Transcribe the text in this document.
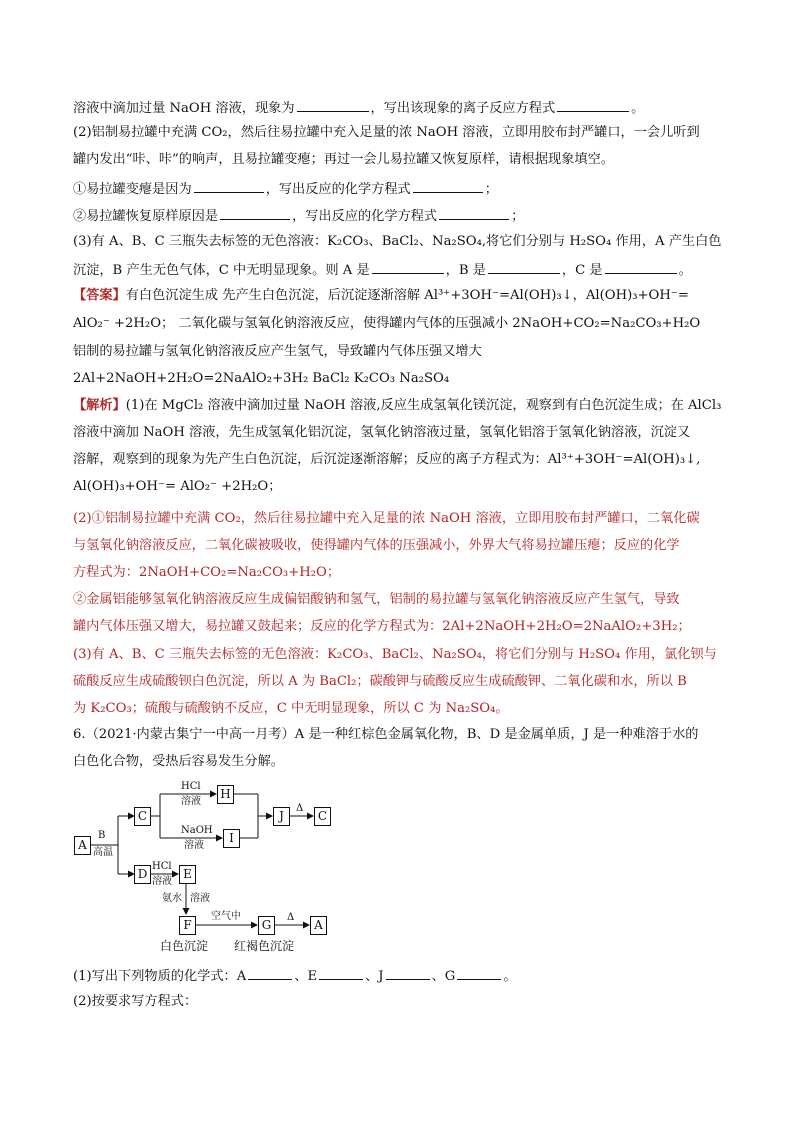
溶液中滴加过量 NaOH 溶液，现象为	，写出该现象的离子反应方程式	。
(2)铝制易拉罐中充满 CO₂，然后往易拉罐中充入足量的浓 NaOH 溶液，立即用胶布封严罐口，一会儿听到
罐内发出“咔、咔”的响声，且易拉罐变瘪；再过一会儿易拉罐又恢复原样，请根据现象填空。
①易拉罐变瘪是因为	，写出反应的化学方程式	；
②易拉罐恢复原样原因是	，写出反应的化学方程式	；
(3)有 A、B、C 三瓶失去标签的无色溶液：K₂CO₃、BaCl₂、Na₂SO₄,将它们分别与 H₂SO₄ 作用，A 产生白色
沉淀，B 产生无色气体，C 中无明显现象。则 A 是	，B 是	，C 是	。
【答案】有白色沉淀生成 先产生白色沉淀，后沉淀逐渐溶解 Al³⁺+3OH⁻=Al(OH)₃↓，Al(OH)₃+OH⁻=
AlO₂⁻ +2H₂O； 二氧化碳与氢氧化钠溶液反应，使得罐内气体的压强减小 2NaOH+CO₂=Na₂CO₃+H₂O
铝制的易拉罐与氢氧化钠溶液反应产生氢气，导致罐内气体压强又增大
2Al+2NaOH+2H₂O=2NaAlO₂+3H₂ BaCl₂ K₂CO₃ Na₂SO₄
【解析】(1)在 MgCl₂ 溶液中滴加过量 NaOH 溶液,反应生成氢氧化镁沉淀，观察到有白色沉淀生成；在 AlCl₃
溶液中滴加 NaOH 溶液，先生成氢氧化铝沉淀，氢氧化钠溶液过量，氢氧化铝溶于氢氧化钠溶液，沉淀又
溶解，观察到的现象为先产生白色沉淀，后沉淀逐渐溶解；反应的离子方程式为：Al³⁺+3OH⁻=Al(OH)₃↓,
Al(OH)₃+OH⁻= AlO₂⁻ +2H₂O；
(2)①铝制易拉罐中充满 CO₂，然后往易拉罐中充入足量的浓 NaOH 溶液，立即用胶布封严罐口，二氧化碳
与氢氧化钠溶液反应，二氧化碳被吸收，使得罐内气体的压强减小，外界大气将易拉罐压瘪；反应的化学
方程式为：2NaOH+CO₂=Na₂CO₃+H₂O；
②金属铝能够氢氧化钠溶液反应生成偏铝酸钠和氢气，铝制的易拉罐与氢氧化钠溶液反应产生氢气，导致
罐内气体压强又增大，易拉罐又鼓起来；反应的化学方程式为：2Al+2NaOH+2H₂O=2NaAlO₂+3H₂；
(3)有 A、B、C 三瓶失去标签的无色溶液：K₂CO₃、BaCl₂、Na₂SO₄，将它们分别与 H₂SO₄ 作用，氯化钡与
硫酸反应生成硫酸钡白色沉淀，所以 A 为 BaCl₂；碳酸钾与硫酸反应生成硫酸钾、二氧化碳和水，所以 B
为 K₂CO₃；硫酸与硫酸钠不反应，C 中无明显现象，所以 C 为 Na₂SO₄。
6.（2021·内蒙古集宁一中高一月考）A 是一种红棕色金属氧化物，B、D 是金属单质，J 是一种难溶于水的
白色化合物，受热后容易发生分解。
A
B
高温
C
D
HCl
溶液
H
NaOH
溶液
I
J
Δ
C
HCl
溶液
E
氨水 溶液
F
空气中
G
Δ
A
白色沉淀 红褐色沉淀
(1)写出下列物质的化学式：A	、E	、J	、G	。
(2)按要求写方程式：
